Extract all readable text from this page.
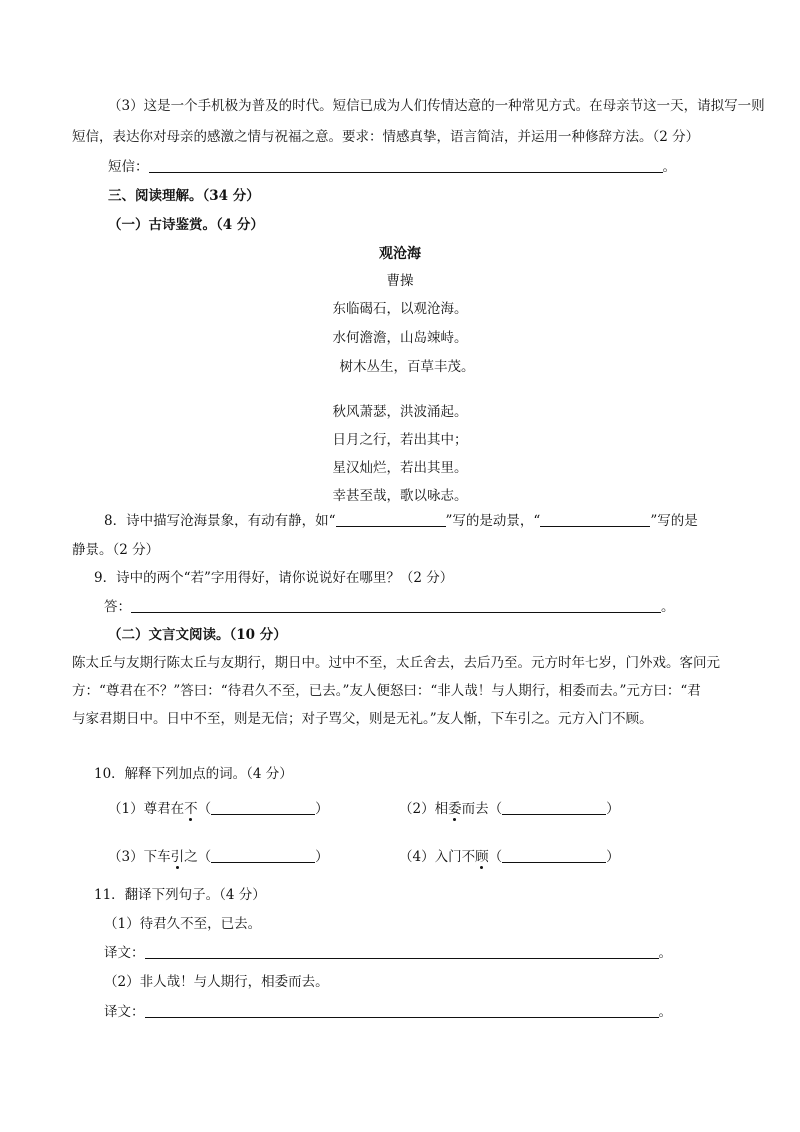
（3）这是一个手机极为普及的时代。短信已成为人们传情达意的一种常见方式。在母亲节这一天，请拟写一则
短信，表达你对母亲的感激之情与祝福之意。要求：情感真挚，语言简洁，并运用一种修辞方法。（2 分）
短信：	。
三、阅读理解。（34 分）
（一）古诗鉴赏。（4 分）
观沧海
曹操
东临碣石，以观沧海。
水何澹澹，山岛竦峙。
树木丛生，百草丰茂。
秋风萧瑟，洪波涌起。
日月之行，若出其中；
星汉灿烂，若出其里。
幸甚至哉，歌以咏志。
8．诗中描写沧海景象，有动有静，如“	”写的是动景，“	”写的是
静景。（2 分）
9．诗中的两个“若”字用得好，请你说说好在哪里？（2 分）
答：	。
（二）文言文阅读。（10 分）
陈太丘与友期行陈太丘与友期行，期日中。过中不至，太丘舍去，去后乃至。元方时年七岁，门外戏。客问元
方：“尊君在不？”答曰：“待君久不至，已去。”友人便怒曰：“非人哉！与人期行，相委而去。”元方曰：“君
与家君期日中。日中不至，则是无信；对子骂父，则是无礼。”友人惭，下车引之。元方入门不顾。
10．解释下列加点的词。（4 分）
（1）尊君在不（	）	（2）相委而去（	）
（3）下车引之（	）	（4）入门不顾（	）
11．翻译下列句子。（4 分）
（1）待君久不至，已去。
译文：	。
（2）非人哉！与人期行，相委而去。
译文：	。
